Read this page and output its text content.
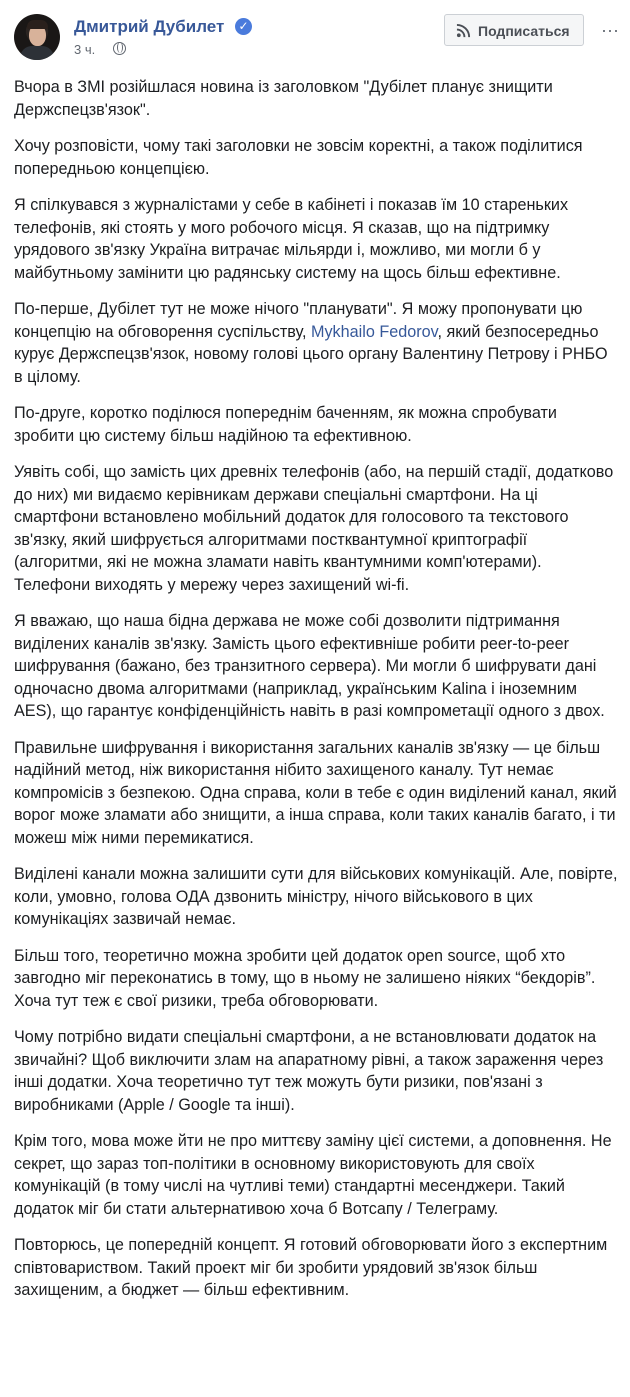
Дмитрий Дубилет ✓
3 ч.
Подписаться ···

Вчора в ЗМІ розійшлася новина із заголовком "Дубілет планує знищити Держспецзв'язок".

Хочу розповісти, чому такі заголовки не зовсім коректні, а також поділитися попередньою концепцією.

Я спілкувався з журналістами у себе в кабінеті і показав їм 10 старенькиx телефонів, які стоять у мого робочого місця. Я сказав, що на підтримку урядового зв'язку Україна витрачає мільярди і, можливо, ми могли б у майбутньому замінити цю радянську систему на щось більш ефективне.

По-перше, Дубілет тут не може нічого "планувати". Я можу пропонувати цю концепцію на обговорення суспільству, Mykhailo Fedorov, який безпосередньо курує Держспецзв'язок, новому голові цього органу Валентину Петрову і РНБО в цілому.

По-друге, коротко поділюся попереднім баченням, як можна спробувати зробити цю систему більш надійною та ефективною.

Уявіть собі, що замість цих древніх телефонів (або, на першій стадії, додатково до них) ми видаємо керівникам держави спеціальні смартфони. На ці смартфони встановлено мобільний додаток для голосового та текстового зв'язку, який шифрується алгоритмами постквантумної криптографії (алгоритми, які не можна зламати навіть квантумними комп'ютерами). Телефони виходять у мережу через захищений wi-fi.

Я вважаю, що наша бідна держава не може собі дозволити підтримання виділених каналів зв'язку. Замість цього ефективніше робити peer-to-peer шифрування (бажано, без транзитного сервера). Ми могли б шифрувати дані одночасно двома алгоритмами (наприклад, українським Kalina і іноземним AES), що гарантує конфіденційність навіть в разі компрометації одного з двох.

Правильне шифрування і використання загальних каналів зв'язку — це більш надійний метод, ніж використання нібито захищеного каналу. Тут немає компромісів з безпекою. Одна справа, коли в тебе є один виділений канал, який ворог може зламати або знищити, а інша справа, коли таких каналів багато, і ти можеш між ними перемикатися.

Виділені канали можна залишити сути для військових комунікацій. Але, повірте, коли, умовно, голова ОДА дзвонить міністру, нічого військового в цих комунікаціях зазвичай немає.

Більш того, теоретично можна зробити цей додаток open source, щоб хто завгодно міг переконатись в тому, що в ньому не залишено ніяких “бекдорів”. Хоча тут теж є свої ризики, треба обговорювати.

Чому потрібно видати спеціальні смартфони, а не встановлювати додаток на звичайні? Щоб виключити злам на апаратному рівні, а також зараження через інші додатки. Хоча теоретично тут теж можуть бути ризики, пов'язані з виробниками (Apple / Google та інші).

Крім того, мова може йти не про миттєву заміну цієї системи, а доповнення. Не секрет, що зараз топ-політики в основному використовують для своїх комунікацій (в тому числі на чутливі теми) стандартні месенджери. Такий додаток міг би стати альтернативою хоча б Вотсапу / Телеграму.

Повторюсь, це попередній концепт. Я готовий обговорювати його з експертним співтовариством. Такий проект міг би зробити урядовий зв'язок більш захищеним, а бюджет — більш ефективним.
